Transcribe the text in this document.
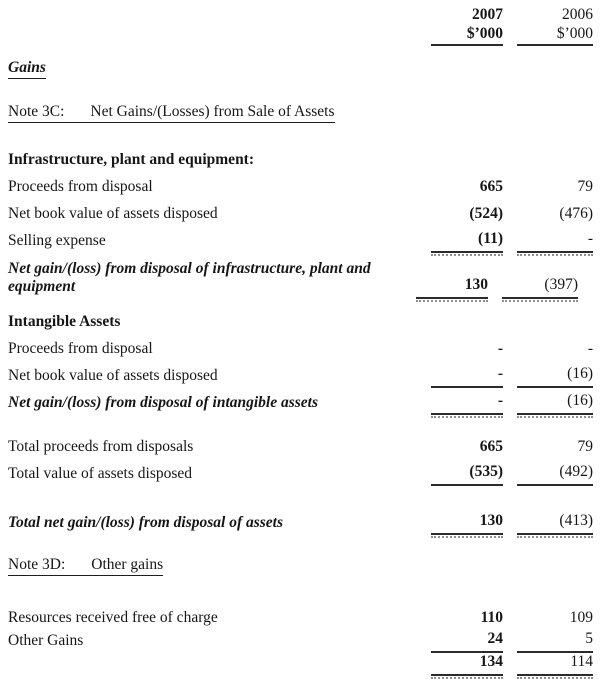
2007	2006
$’000	$’000
Gains
Note 3C: Net Gains/(Losses) from Sale of Assets
Infrastructure, plant and equipment:
Proceeds from disposal	665	79
Net book value of assets disposed	(524)	(476)
Selling expense	(11)	-
Net gain/(loss) from disposal of infrastructure, plant and equipment	130	(397)
Intangible Assets
Proceeds from disposal	-	-
Net book value of assets disposed	-	(16)
Net gain/(loss) from disposal of intangible assets	-	(16)
Total proceeds from disposals	665	79
Total value of assets disposed	(535)	(492)
Total net gain/(loss) from disposal of assets	130	(413)
Note 3D: Other gains
Resources received free of charge	110	109
Other Gains	24	5
134	114
